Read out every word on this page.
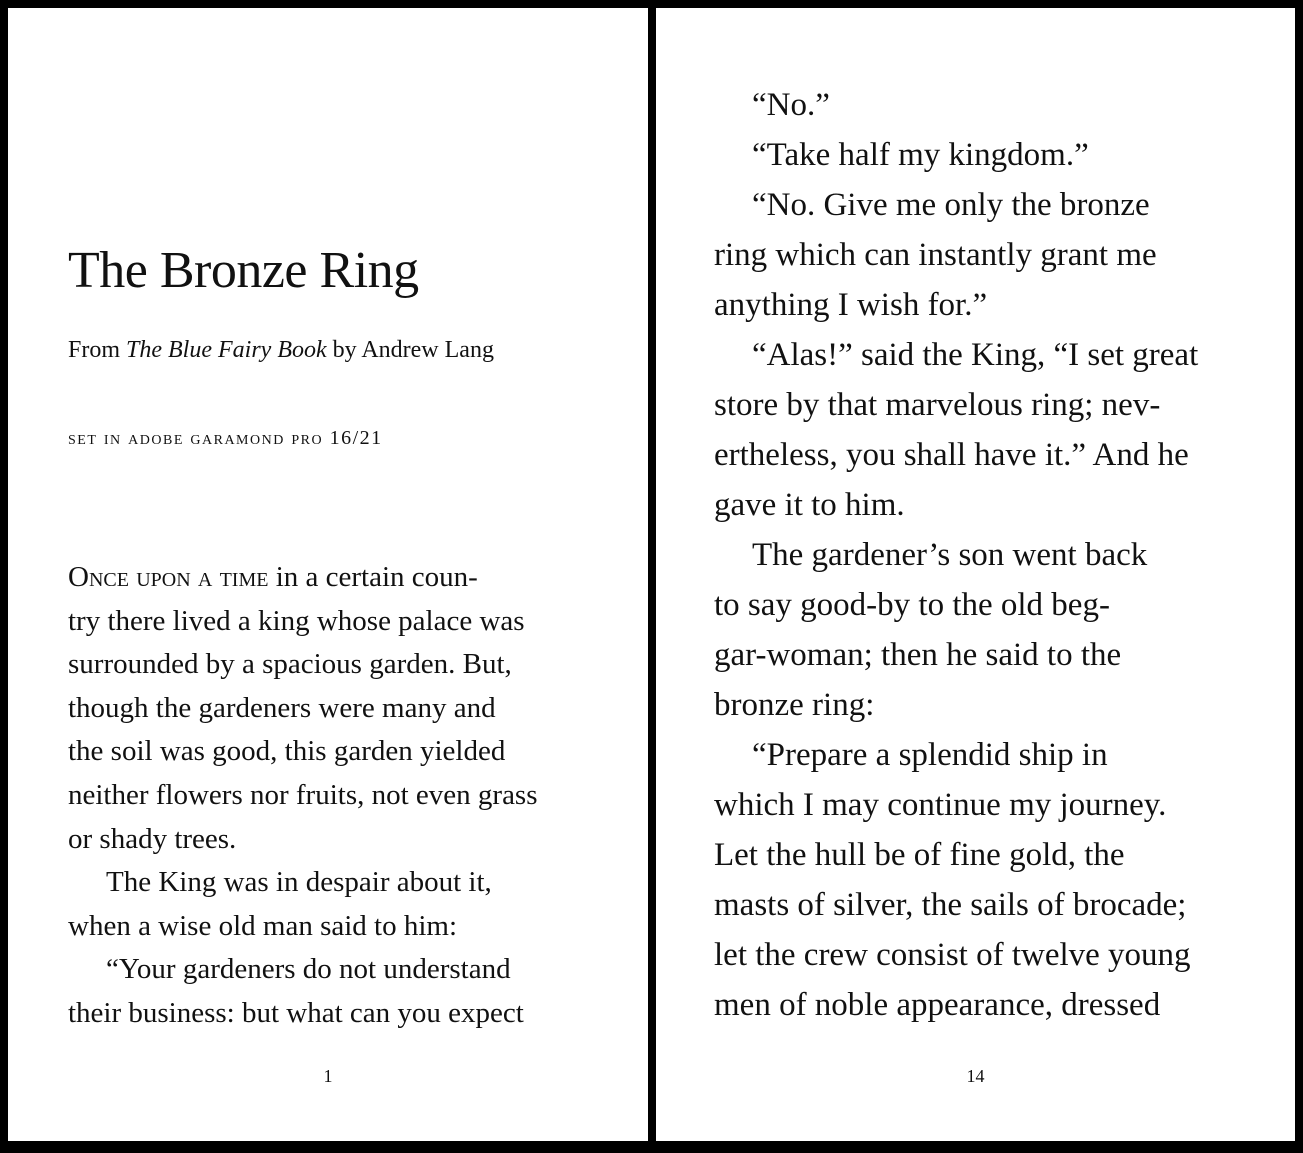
The Bronze Ring

From The Blue Fairy Book by Andrew Lang

set in adobe garamond pro 16/21

Once upon a time in a certain coun-
try there lived a king whose palace was
surrounded by a spacious garden. But,
though the gardeners were many and
the soil was good, this garden yielded
neither flowers nor fruits, not even grass
or shady trees.

The King was in despair about it,
when a wise old man said to him:

“Your gardeners do not understand
their business: but what can you expect

1

“No.”

“Take half my kingdom.”

“No. Give me only the bronze
ring which can instantly grant me
anything I wish for.”

“Alas!” said the King, “I set great
store by that marvelous ring; nev-
ertheless, you shall have it.” And he
gave it to him.

The gardener’s son went back
to say good-by to the old beg-
gar-woman; then he said to the
bronze ring:

“Prepare a splendid ship in
which I may continue my journey.
Let the hull be of fine gold, the
masts of silver, the sails of brocade;
let the crew consist of twelve young
men of noble appearance, dressed

14
